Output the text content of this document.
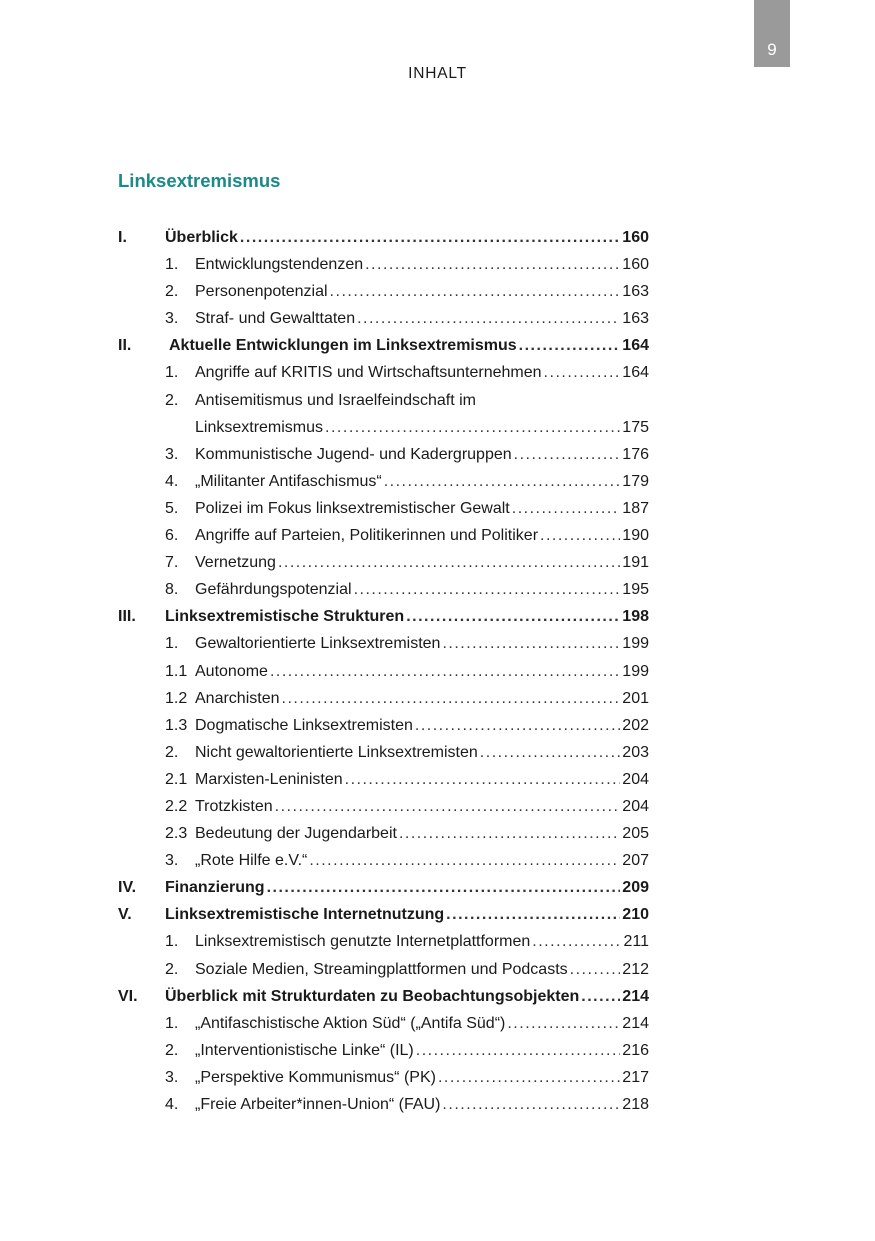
9
INHALT
Linksextremismus
I. Überblick .....	160
1. Entwicklungstendenzen .....	160
2. Personenpotenzial .....	163
3. Straf- und Gewalttaten .....	163
II. Aktuelle Entwicklungen im Linksextremismus .....	164
1. Angriffe auf KRITIS und Wirtschaftsunternehmen .....	164
2. Antisemitismus und Israelfeindschaft im
Linksextremismus .....	175
3. Kommunistische Jugend- und Kadergruppen .....	176
4. „Militanter Antifaschismus“ .....	179
5. Polizei im Fokus linksextremistischer Gewalt .....	187
6. Angriffe auf Parteien, Politikerinnen und Politiker .....	190
7. Vernetzung .....	191
8. Gefährdungspotenzial .....	195
III. Linksextremistische Strukturen .....	198
1. Gewaltorientierte Linksextremisten .....	199
1.1 Autonome .....	199
1.2 Anarchisten .....	201
1.3 Dogmatische Linksextremisten .....	202
2. Nicht gewaltorientierte Linksextremisten .....	203
2.1 Marxisten-Leninisten .....	204
2.2 Trotzkisten .....	204
2.3 Bedeutung der Jugendarbeit .....	205
3. „Rote Hilfe e.V.“ .....	207
IV. Finanzierung .....	209
V. Linksextremistische Internetnutzung .....	210
1. Linksextremistisch genutzte Internetplattformen .....	211
2. Soziale Medien, Streamingplattformen und Podcasts .....	212
VI. Überblick mit Strukturdaten zu Beobachtungsobjekten .....	214
1. „Antifaschistische Aktion Süd“ („Antifa Süd“) .....	214
2. „Interventionistische Linke“ (IL) .....	216
3. „Perspektive Kommunismus“ (PK) .....	217
4. „Freie Arbeiter*innen-Union“ (FAU) .....	218
